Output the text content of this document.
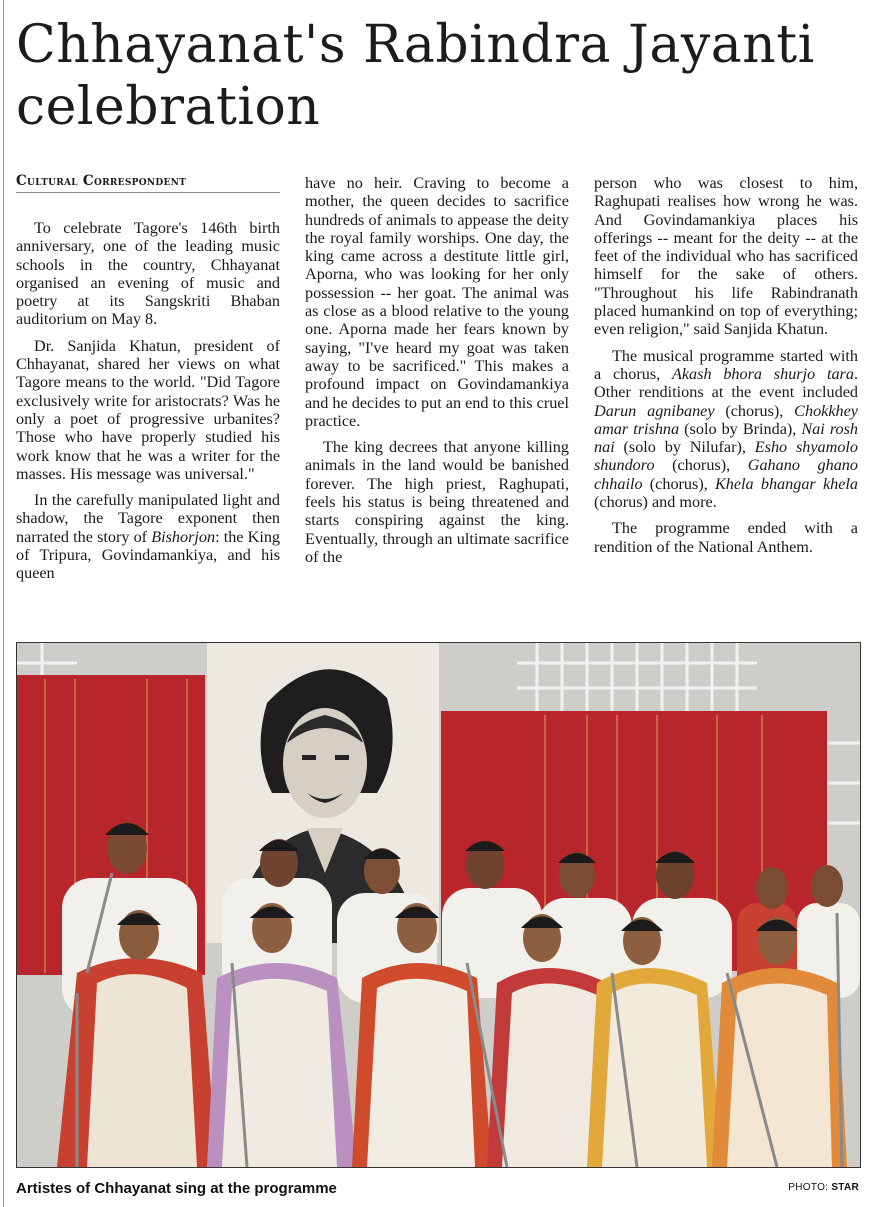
Chhayanat's Rabindra Jayanti celebration
Cultural Correspondent

To celebrate Tagore's 146th birth anniversary, one of the leading music schools in the country, Chhayanat organised an evening of music and poetry at its Sangskriti Bhaban auditorium on May 8.

Dr. Sanjida Khatun, president of Chhayanat, shared her views on what Tagore means to the world. "Did Tagore exclusively write for aristocrats? Was he only a poet of progressive urbanites? Those who have properly studied his work know that he was a writer for the masses. His message was universal."

In the carefully manipulated light and shadow, the Tagore exponent then narrated the story of Bishorjon: the King of Tripura, Govindamankiya, and his queen

have no heir. Craving to become a mother, the queen decides to sacrifice hundreds of animals to appease the deity the royal family worships. One day, the king came across a destitute little girl, Aporna, who was looking for her only possession -- her goat. The animal was as close as a blood relative to the young one. Aporna made her fears known by saying, "I've heard my goat was taken away to be sacrificed." This makes a profound impact on Govindamankiya and he decides to put an end to this cruel practice.

The king decrees that anyone killing animals in the land would be banished forever. The high priest, Raghupati, feels his status is being threatened and starts conspiring against the king. Eventually, through an ultimate sacrifice of the

person who was closest to him, Raghupati realises how wrong he was. And Govindamankiya places his offerings -- meant for the deity -- at the feet of the individual who has sacrificed himself for the sake of others. "Throughout his life Rabindranath placed humankind on top of everything; even religion," said Sanjida Khatun.

The musical programme started with a chorus, Akash bhora shurjo tara. Other renditions at the event included Darun agnibaney (chorus), Chokkhey amar trishna (solo by Brinda), Nai rosh nai (solo by Nilufar), Esho shyamolo shundoro (chorus), Gahano ghano chhailo (chorus), Khela bhangar khela (chorus) and more.

The programme ended with a rendition of the National Anthem.

Artistes of Chhayanat sing at the programme	PHOTO: STAR
